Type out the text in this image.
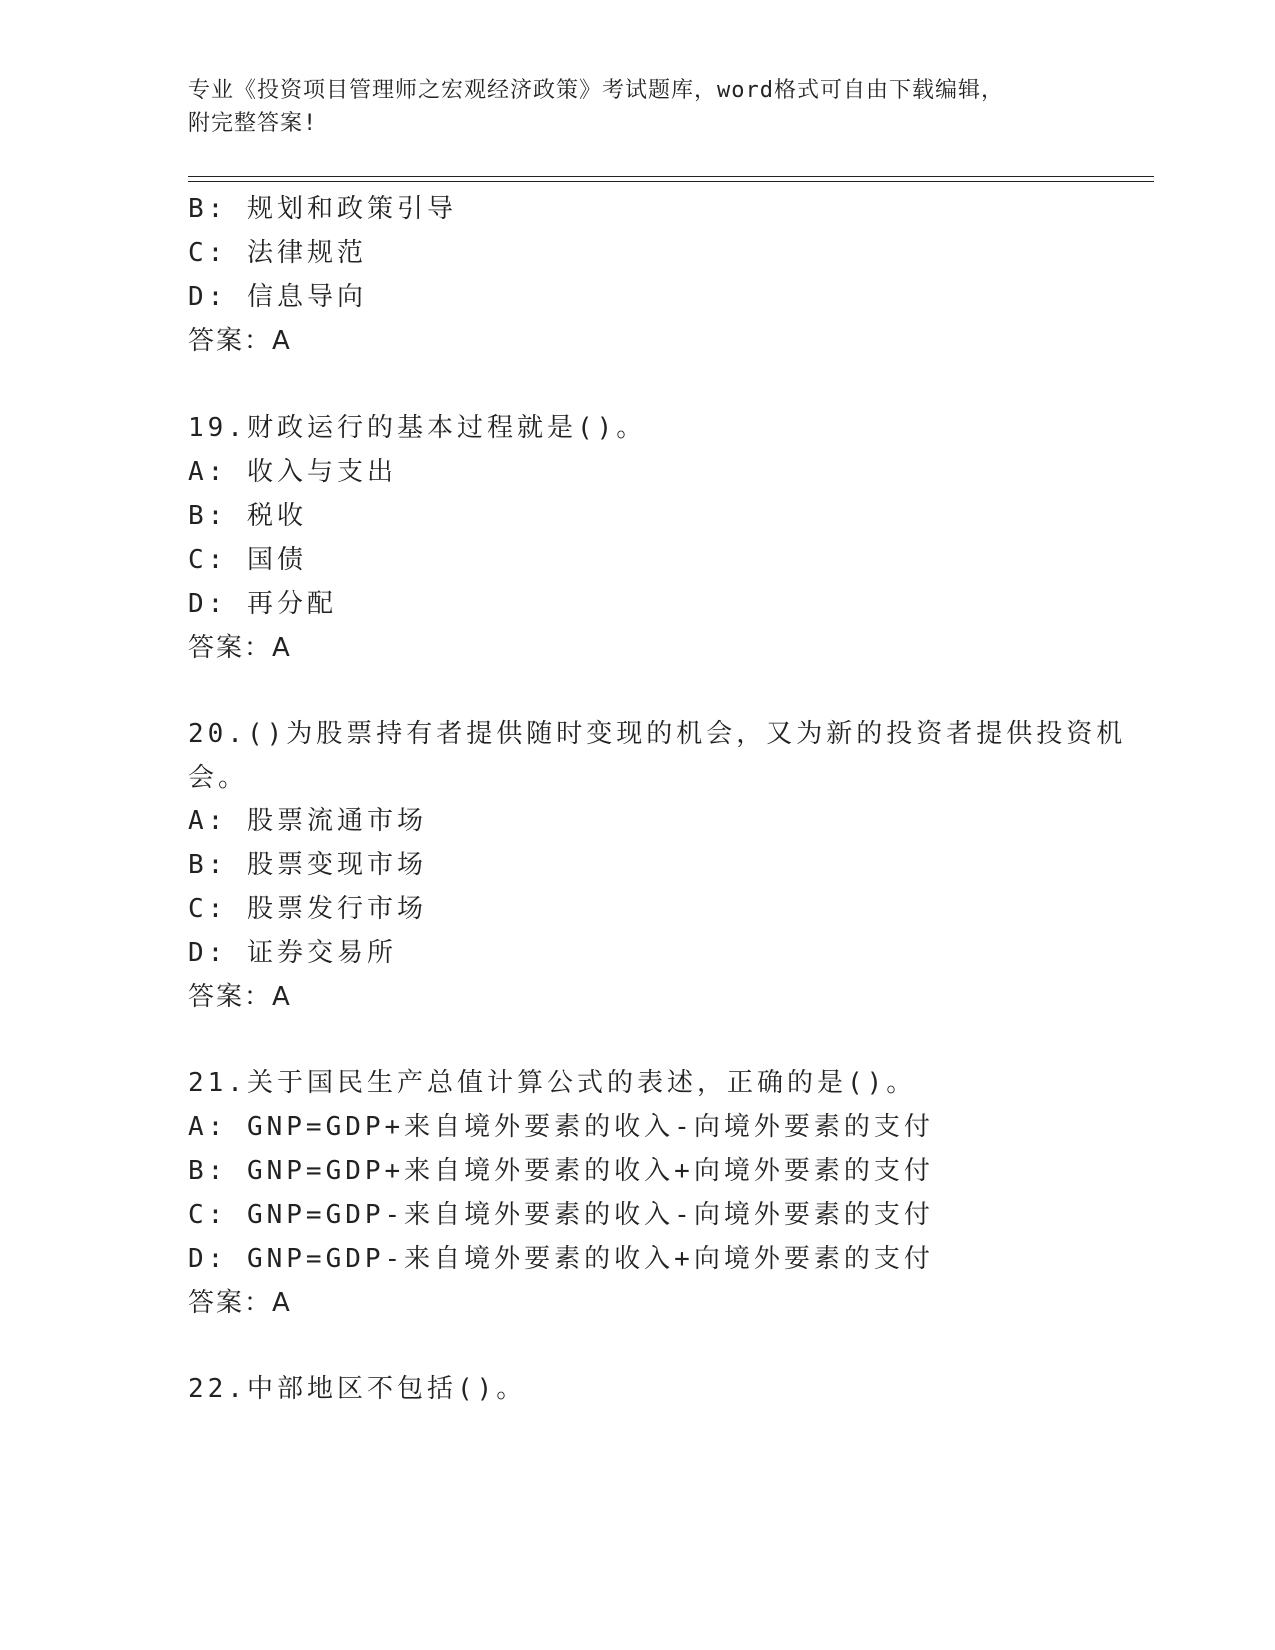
专业《投资项目管理师之宏观经济政策》考试题库，word格式可自由下载编辑，
附完整答案!
B: 规划和政策引导
C: 法律规范
D: 信息导向
答案：A
19.财政运行的基本过程就是()。
A: 收入与支出
B: 税收
C: 国债
D: 再分配
答案：A
20.()为股票持有者提供随时变现的机会，又为新的投资者提供投资机
会。
A: 股票流通市场
B: 股票变现市场
C: 股票发行市场
D: 证券交易所
答案：A
21.关于国民生产总值计算公式的表述，正确的是()。
A: GNP=GDP+来自境外要素的收入-向境外要素的支付
B: GNP=GDP+来自境外要素的收入+向境外要素的支付
C: GNP=GDP-来自境外要素的收入-向境外要素的支付
D: GNP=GDP-来自境外要素的收入+向境外要素的支付
答案：A
22.中部地区不包括()。
